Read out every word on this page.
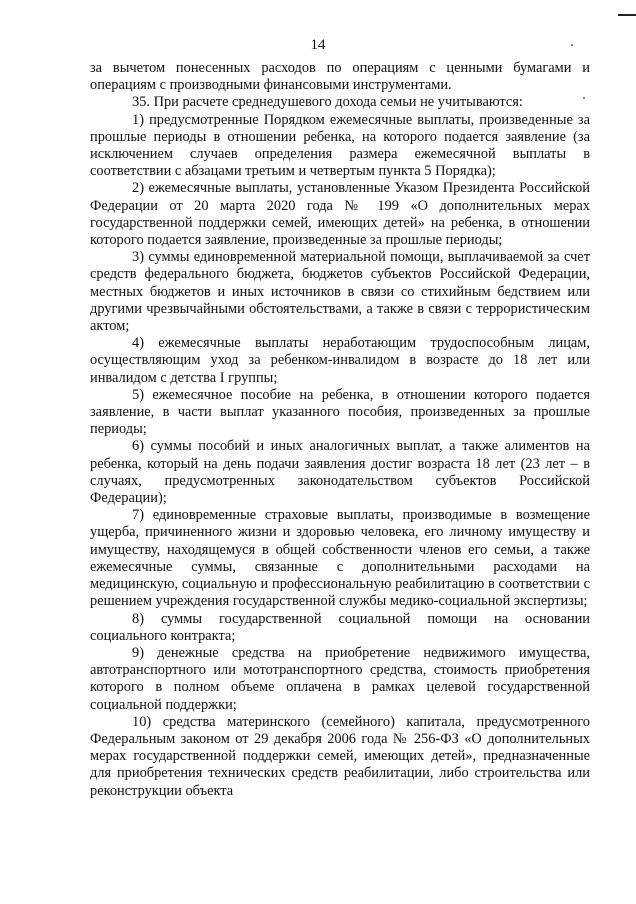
14

за вычетом понесенных расходов по операциям с ценными бумагами и операциям с производными финансовыми инструментами.

35. При расчете среднедушевого дохода семьи не учитываются:

1) предусмотренные Порядком ежемесячные выплаты, произведенные за прошлые периоды в отношении ребенка, на которого подается заявление (за исключением случаев определения размера ежемесячной выплаты в соответствии с абзацами третьим и четвертым пункта 5 Порядка);

2) ежемесячные выплаты, установленные Указом Президента Российской Федерации от 20 марта 2020 года № 199 «О дополнительных мерах государственной поддержки семей, имеющих детей» на ребенка, в отношении которого подается заявление, произведенные за прошлые периоды;

3) суммы единовременной материальной помощи, выплачиваемой за счет средств федерального бюджета, бюджетов субъектов Российской Федерации, местных бюджетов и иных источников в связи со стихийным бедствием или другими чрезвычайными обстоятельствами, а также в связи с террористическим актом;

4) ежемесячные выплаты неработающим трудоспособным лицам, осуществляющим уход за ребенком-инвалидом в возрасте до 18 лет или инвалидом с детства I группы;

5) ежемесячное пособие на ребенка, в отношении которого подается заявление, в части выплат указанного пособия, произведенных за прошлые периоды;

6) суммы пособий и иных аналогичных выплат, а также алиментов на ребенка, который на день подачи заявления достиг возраста 18 лет (23 лет – в случаях, предусмотренных законодательством субъектов Российской Федерации);

7) единовременные страховые выплаты, производимые в возмещение ущерба, причиненного жизни и здоровью человека, его личному имуществу и имуществу, находящемуся в общей собственности членов его семьи, а также ежемесячные суммы, связанные с дополнительными расходами на медицинскую, социальную и профессиональную реабилитацию в соответствии с решением учреждения государственной службы медико-социальной экспертизы;

8) суммы государственной социальной помощи на основании социального контракта;

9) денежные средства на приобретение недвижимого имущества, автотранспортного или мототранспортного средства, стоимость приобретения которого в полном объеме оплачена в рамках целевой государственной социальной поддержки;

10) средства материнского (семейного) капитала, предусмотренного Федеральным законом от 29 декабря 2006 года № 256-ФЗ «О дополнительных мерах государственной поддержки семей, имеющих детей», предназначенные для приобретения технических средств реабилитации, либо строительства или реконструкции объекта
